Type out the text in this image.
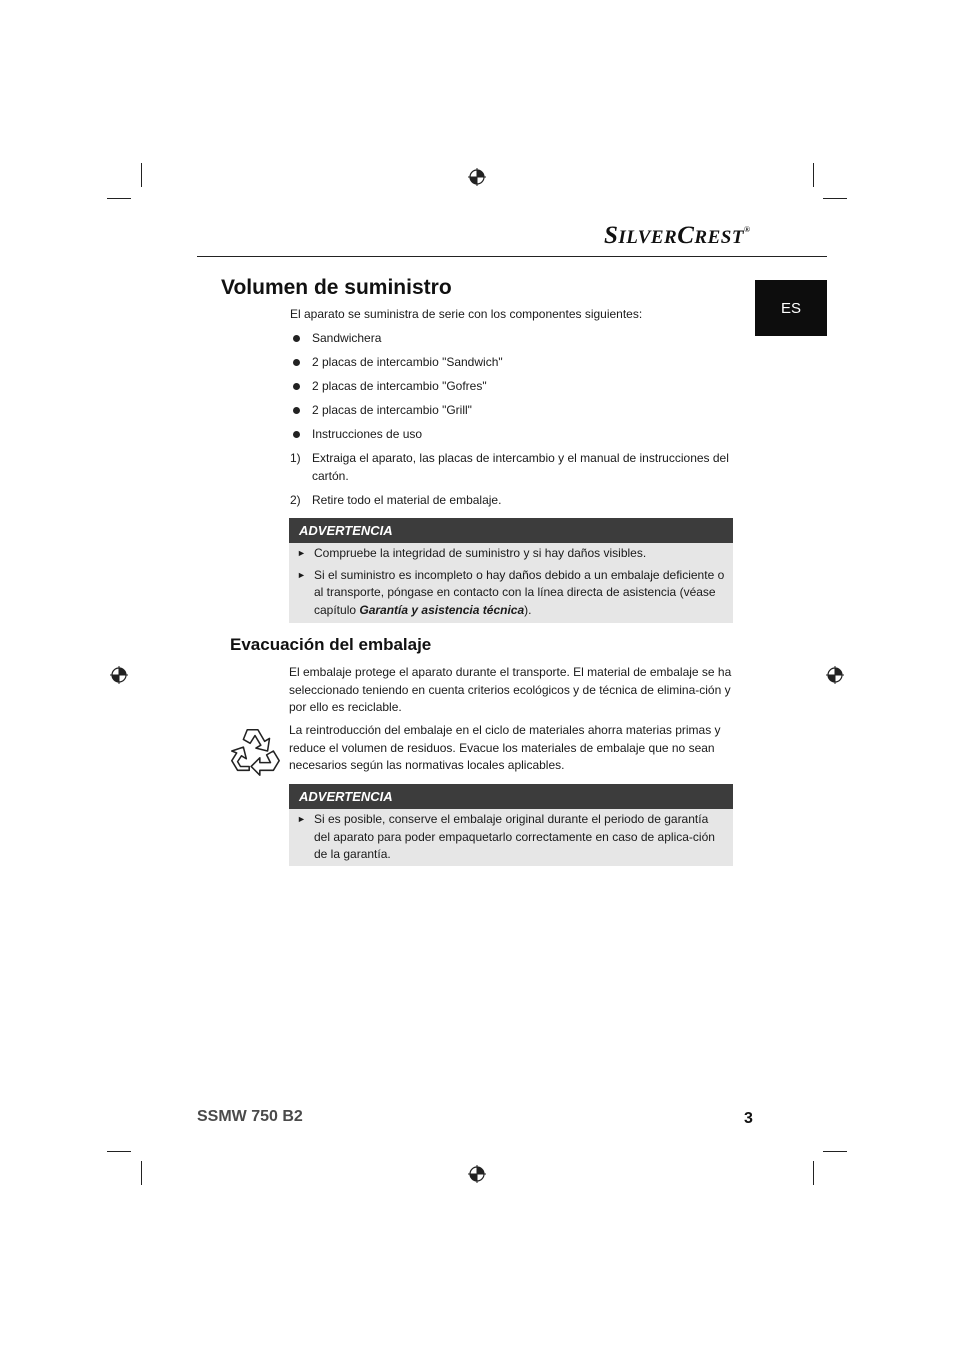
SILVERCREST®
ES
Volumen de suministro
El aparato se suministra de serie con los componentes siguientes:
Sandwichera
2 placas de intercambio "Sandwich"
2 placas de intercambio "Gofres"
2 placas de intercambio "Grill"
Instrucciones de uso
1) Extraiga el aparato, las placas de intercambio y el manual de instrucciones del cartón.
2) Retire todo el material de embalaje.
ADVERTENCIA
► Compruebe la integridad de suministro y si hay daños visibles.
► Si el suministro es incompleto o hay daños debido a un embalaje deficiente o al transporte, póngase en contacto con la línea directa de asistencia (véase capítulo Garantía y asistencia técnica).
Evacuación del embalaje
El embalaje protege el aparato durante el transporte. El material de embalaje se ha seleccionado teniendo en cuenta criterios ecológicos y de técnica de elimina-ción y por ello es reciclable.
La reintroducción del embalaje en el ciclo de materiales ahorra materias primas y reduce el volumen de residuos. Evacue los materiales de embalaje que no sean necesarios según las normativas locales aplicables.
ADVERTENCIA
► Si es posible, conserve el embalaje original durante el periodo de garantía del aparato para poder empaquetarlo correctamente en caso de aplica-ción de la garantía.
SSMW 750 B2	3
